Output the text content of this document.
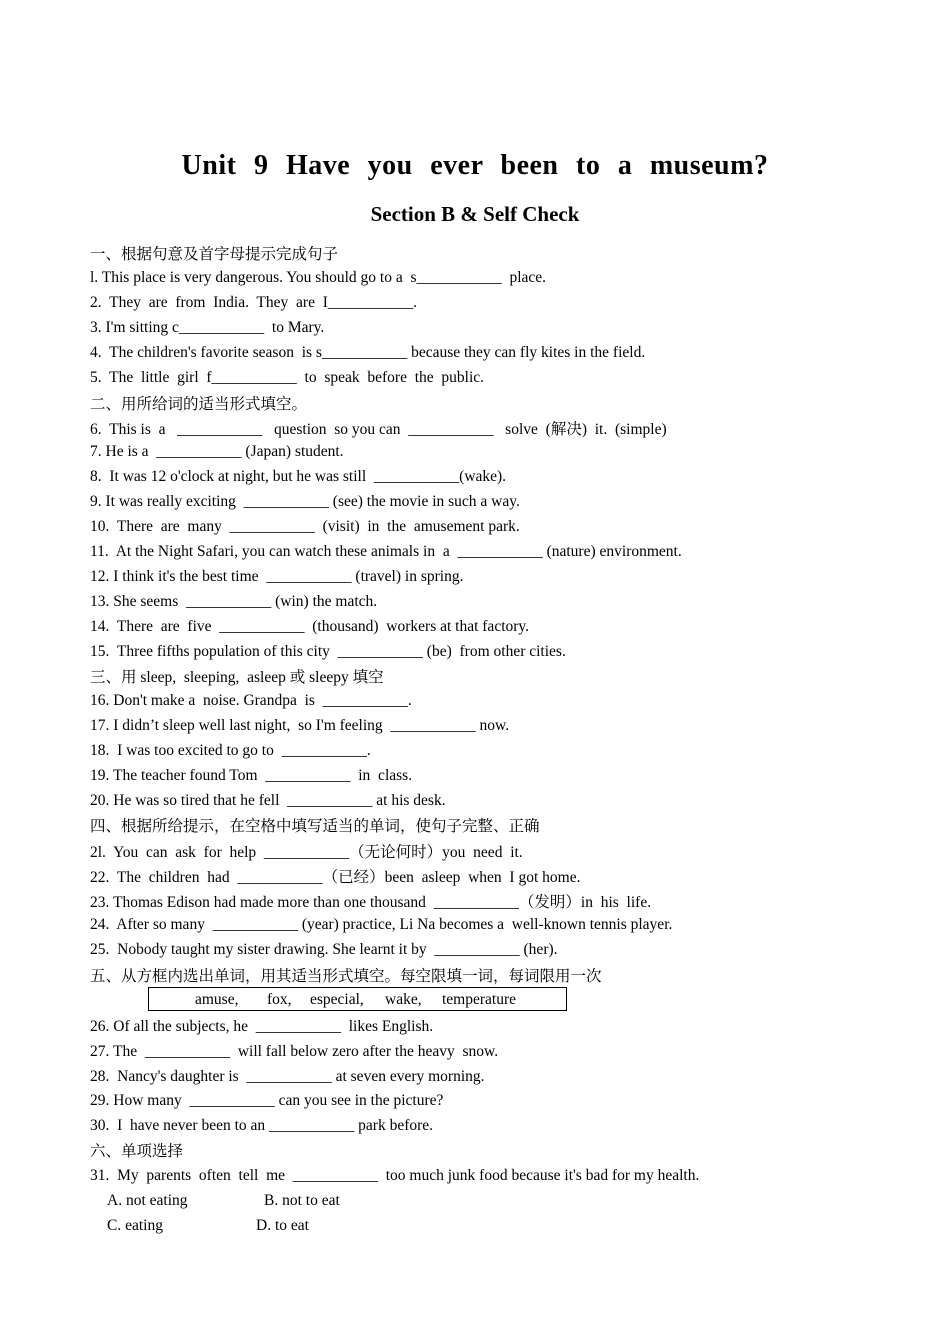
Unit 9 Have you ever been to a museum?
Section B & Self Check

一、根据句意及首字母提示完成句子

l. This place is very dangerous. You should go to a  s___________  place.

2.  They  are  from  India.  They  are  I___________.

3. I'm sitting c___________  to Mary.

4.  The children's favorite season  is s___________ because they can fly kites in the field.

5.  The  little  girl  f___________  to  speak  before  the  public.

二、用所给词的适当形式填空。

6.  This is  a   ___________   question  so you can  ___________   solve  (解决)  it.  (simple)

7. He is a  ___________ (Japan) student.

8.  It was 12 o'clock at night, but he was still  ___________(wake).

9. It was really exciting  ___________ (see) the movie in such a way.

10.  There  are  many  ___________  (visit)  in  the  amusement park.

11.  At the Night Safari, you can watch these animals in  a  ___________ (nature) environment.

12. I think it's the best time  ___________ (travel) in spring.

13. She seems  ___________ (win) the match.

14.  There  are  five  ___________  (thousand)  workers at that factory.

15.  Three fifths population of this city  ___________ (be)  from other cities.

三、用 sleep,  sleeping,  asleep 或 sleepy 填空

16. Don't make a  noise. Grandpa  is  ___________.

17. I didn’t sleep well last night,  so I'm feeling  ___________ now.

18.  I was too excited to go to  ___________.

19. The teacher found Tom  ___________  in  class.

20. He was so tired that he fell  ___________ at his desk.

四、根据所给提示，在空格中填写适当的单词，使句子完整、正确

2l.  You  can  ask  for  help  ___________（无论何时）you  need  it.

22.  The  children  had  ___________（已经）been  asleep  when  I got home.

23. Thomas Edison had made more than one thousand  ___________（发明）in  his  life.

24.  After so many  ___________ (year) practice, Li Na becomes a  well-known tennis player.

25.  Nobody taught my sister drawing. She learnt it by  ___________ (her).

五、从方框内选出单词，用其适当形式填空。每空限填一词，每词限用一次

amuse, fox, especial, wake, temperature

26. Of all the subjects, he  ___________  likes English.

27. The  ___________  will fall below zero after the heavy  snow.

28.  Nancy's daughter is  ___________ at seven every morning.

29. How many  ___________ can you see in the picture?

30.  I  have never been to an ___________ park before.

六、单项选择

31.  My  parents  often  tell  me  ___________  too much junk food because it's bad for my health.

A. not eating	B. not to eat

C. eating	D. to eat
